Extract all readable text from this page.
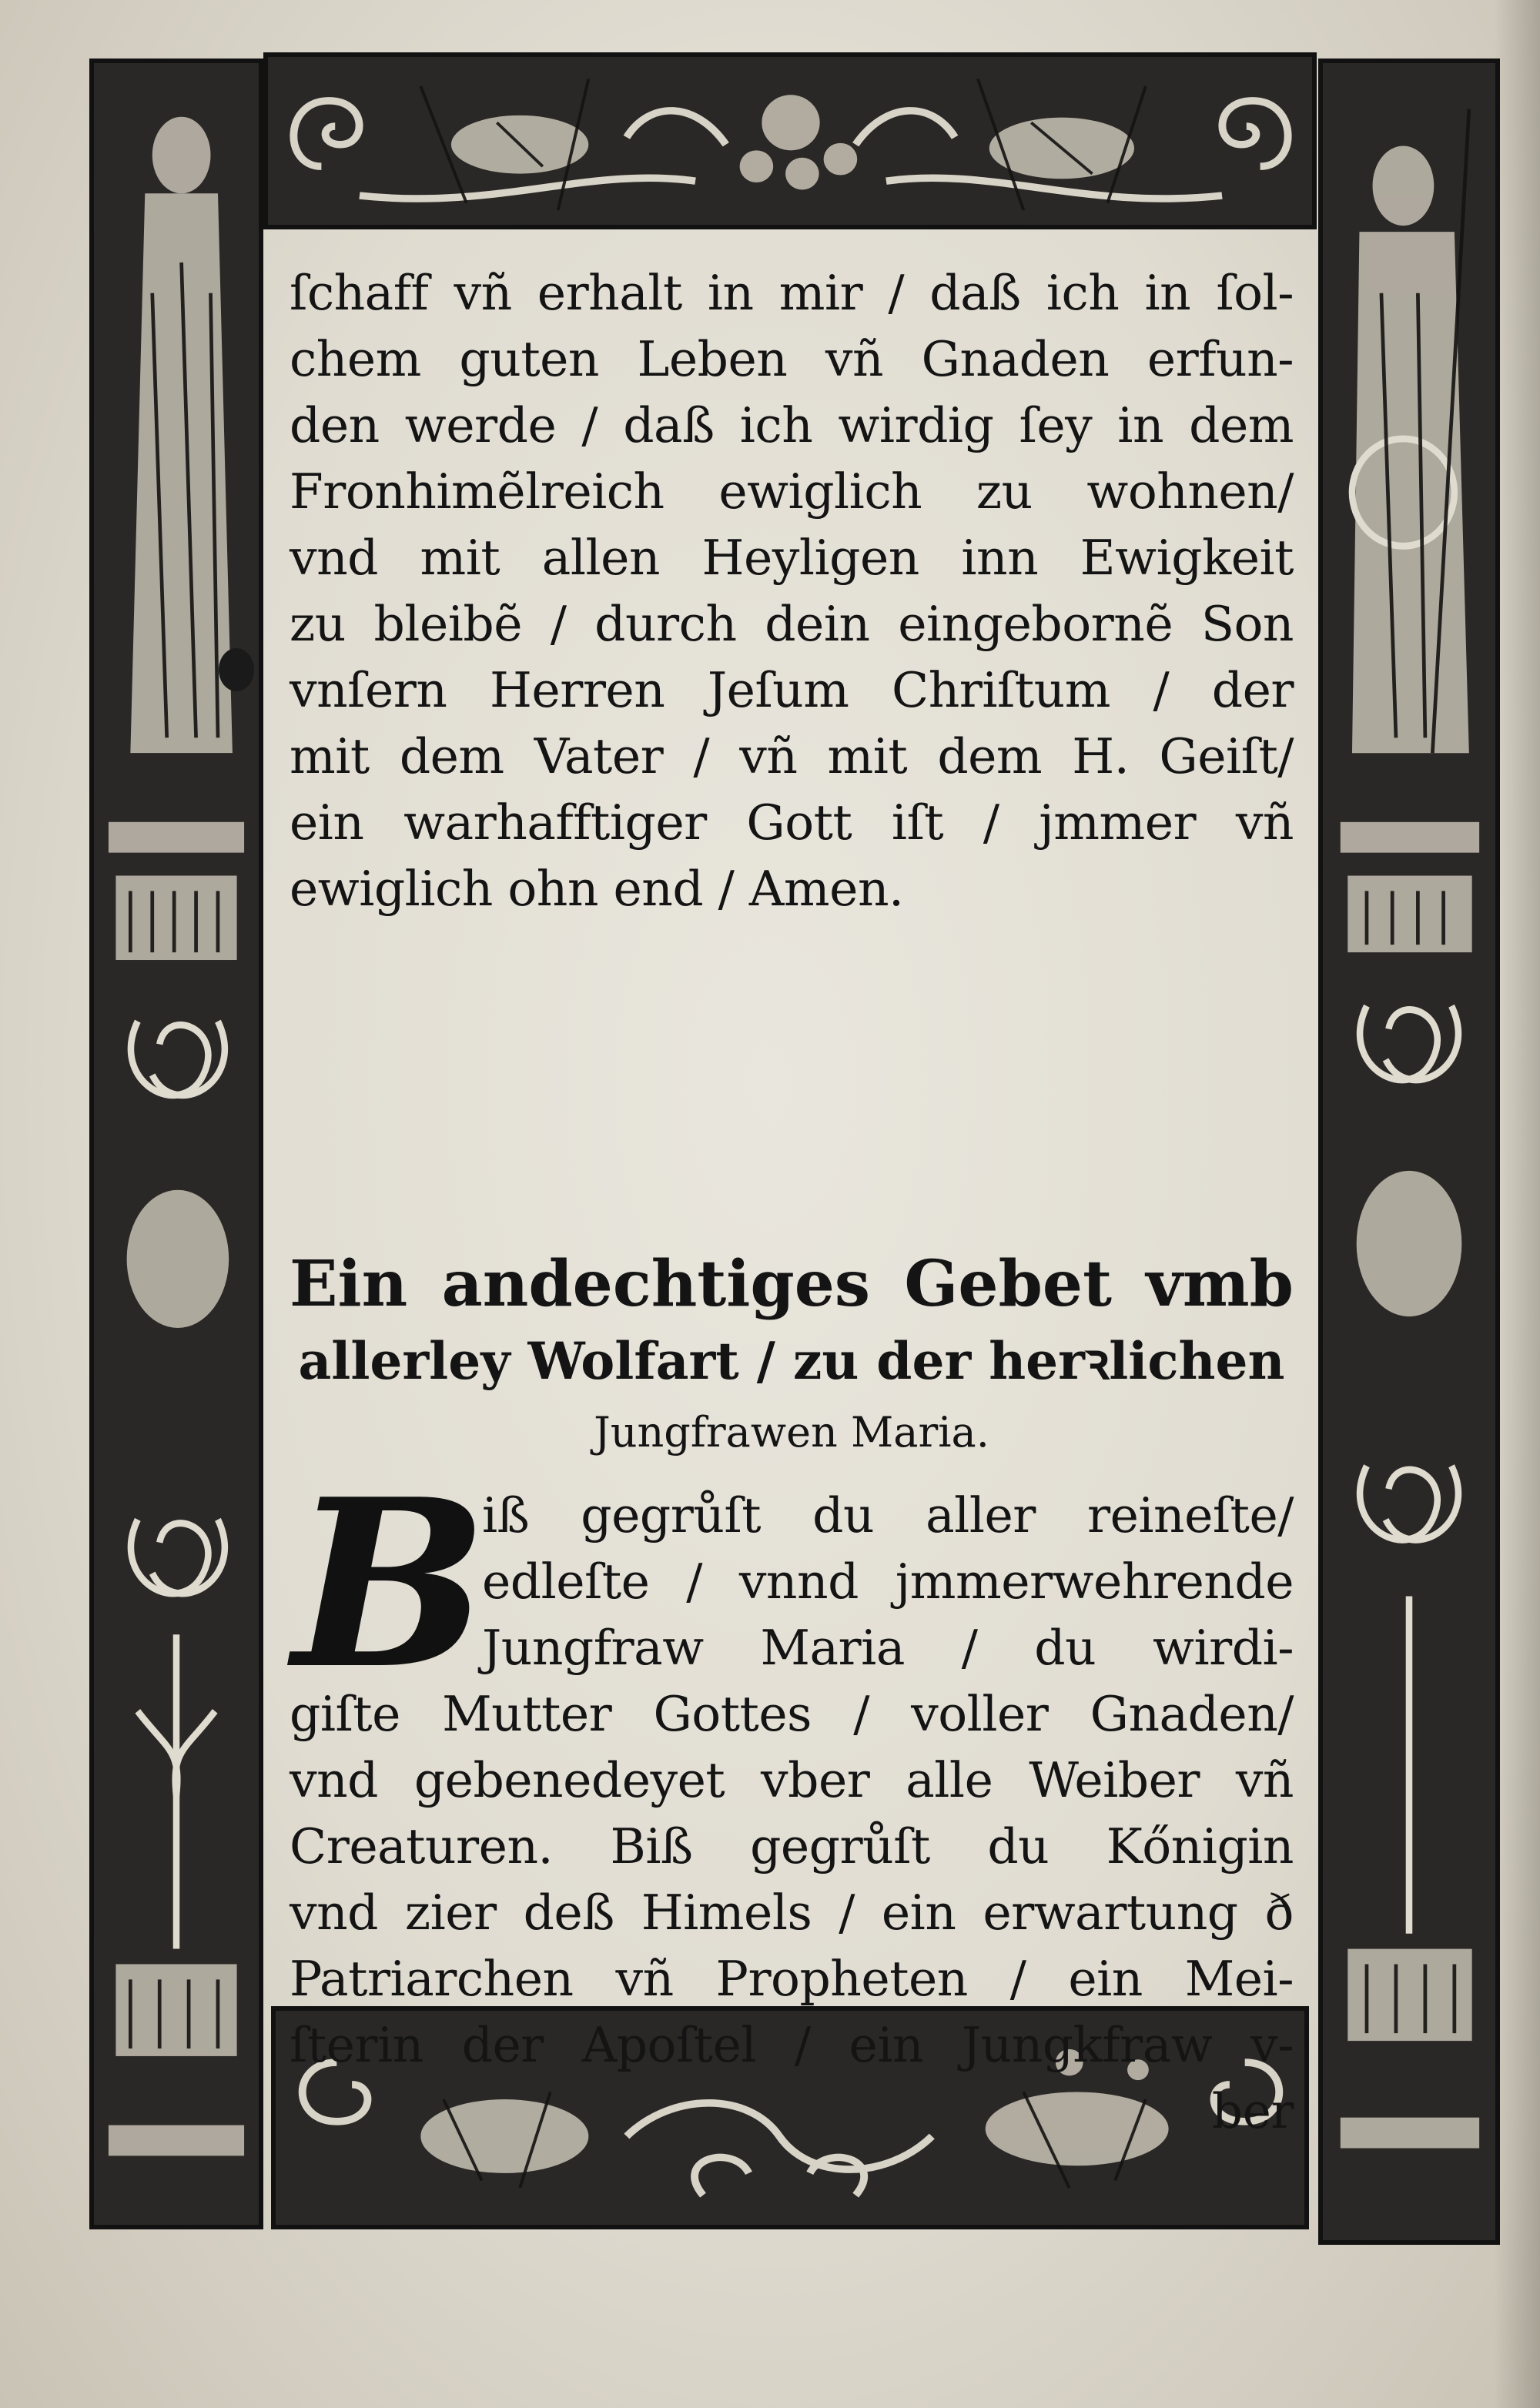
ſchaff vñ erhalt in mir / daß ich in ſol-
chem guten Leben vñ Gnaden erfun-
den werde / daß ich wirdig ſey in dem
Fronhimẽlreich ewiglich zu wohnen/
vnd mit allen Heyligen inn Ewigkeit
zu bleibẽ / durch dein eingebornẽ Son
vnſern Herren Jeſum Chriſtum / der
mit dem Vater / vñ mit dem H. Geiſt/
ein warhafftiger Gott iſt / jmmer vñ
ewiglich ohn end / Amen.
Ein andechtiges Gebet vmb
allerley Wolfart / zu der herꝛlichen
Jungfrawen Maria.
B
iß gegrůſt du aller reineſte/
edleſte / vnnd jmmerwehrende
Jungfraw Maria / du wirdi-
giſte Mutter Gottes / voller Gnaden/
vnd gebenedeyet vber alle Weiber vñ
Creaturen. Biß gegrůſt du Kőnigin
vnd zier deß Himels / ein erwartung ð
Patriarchen vñ Propheten / ein Mei-
ſterin der Apoſtel / ein Jungkfraw v-
ber
